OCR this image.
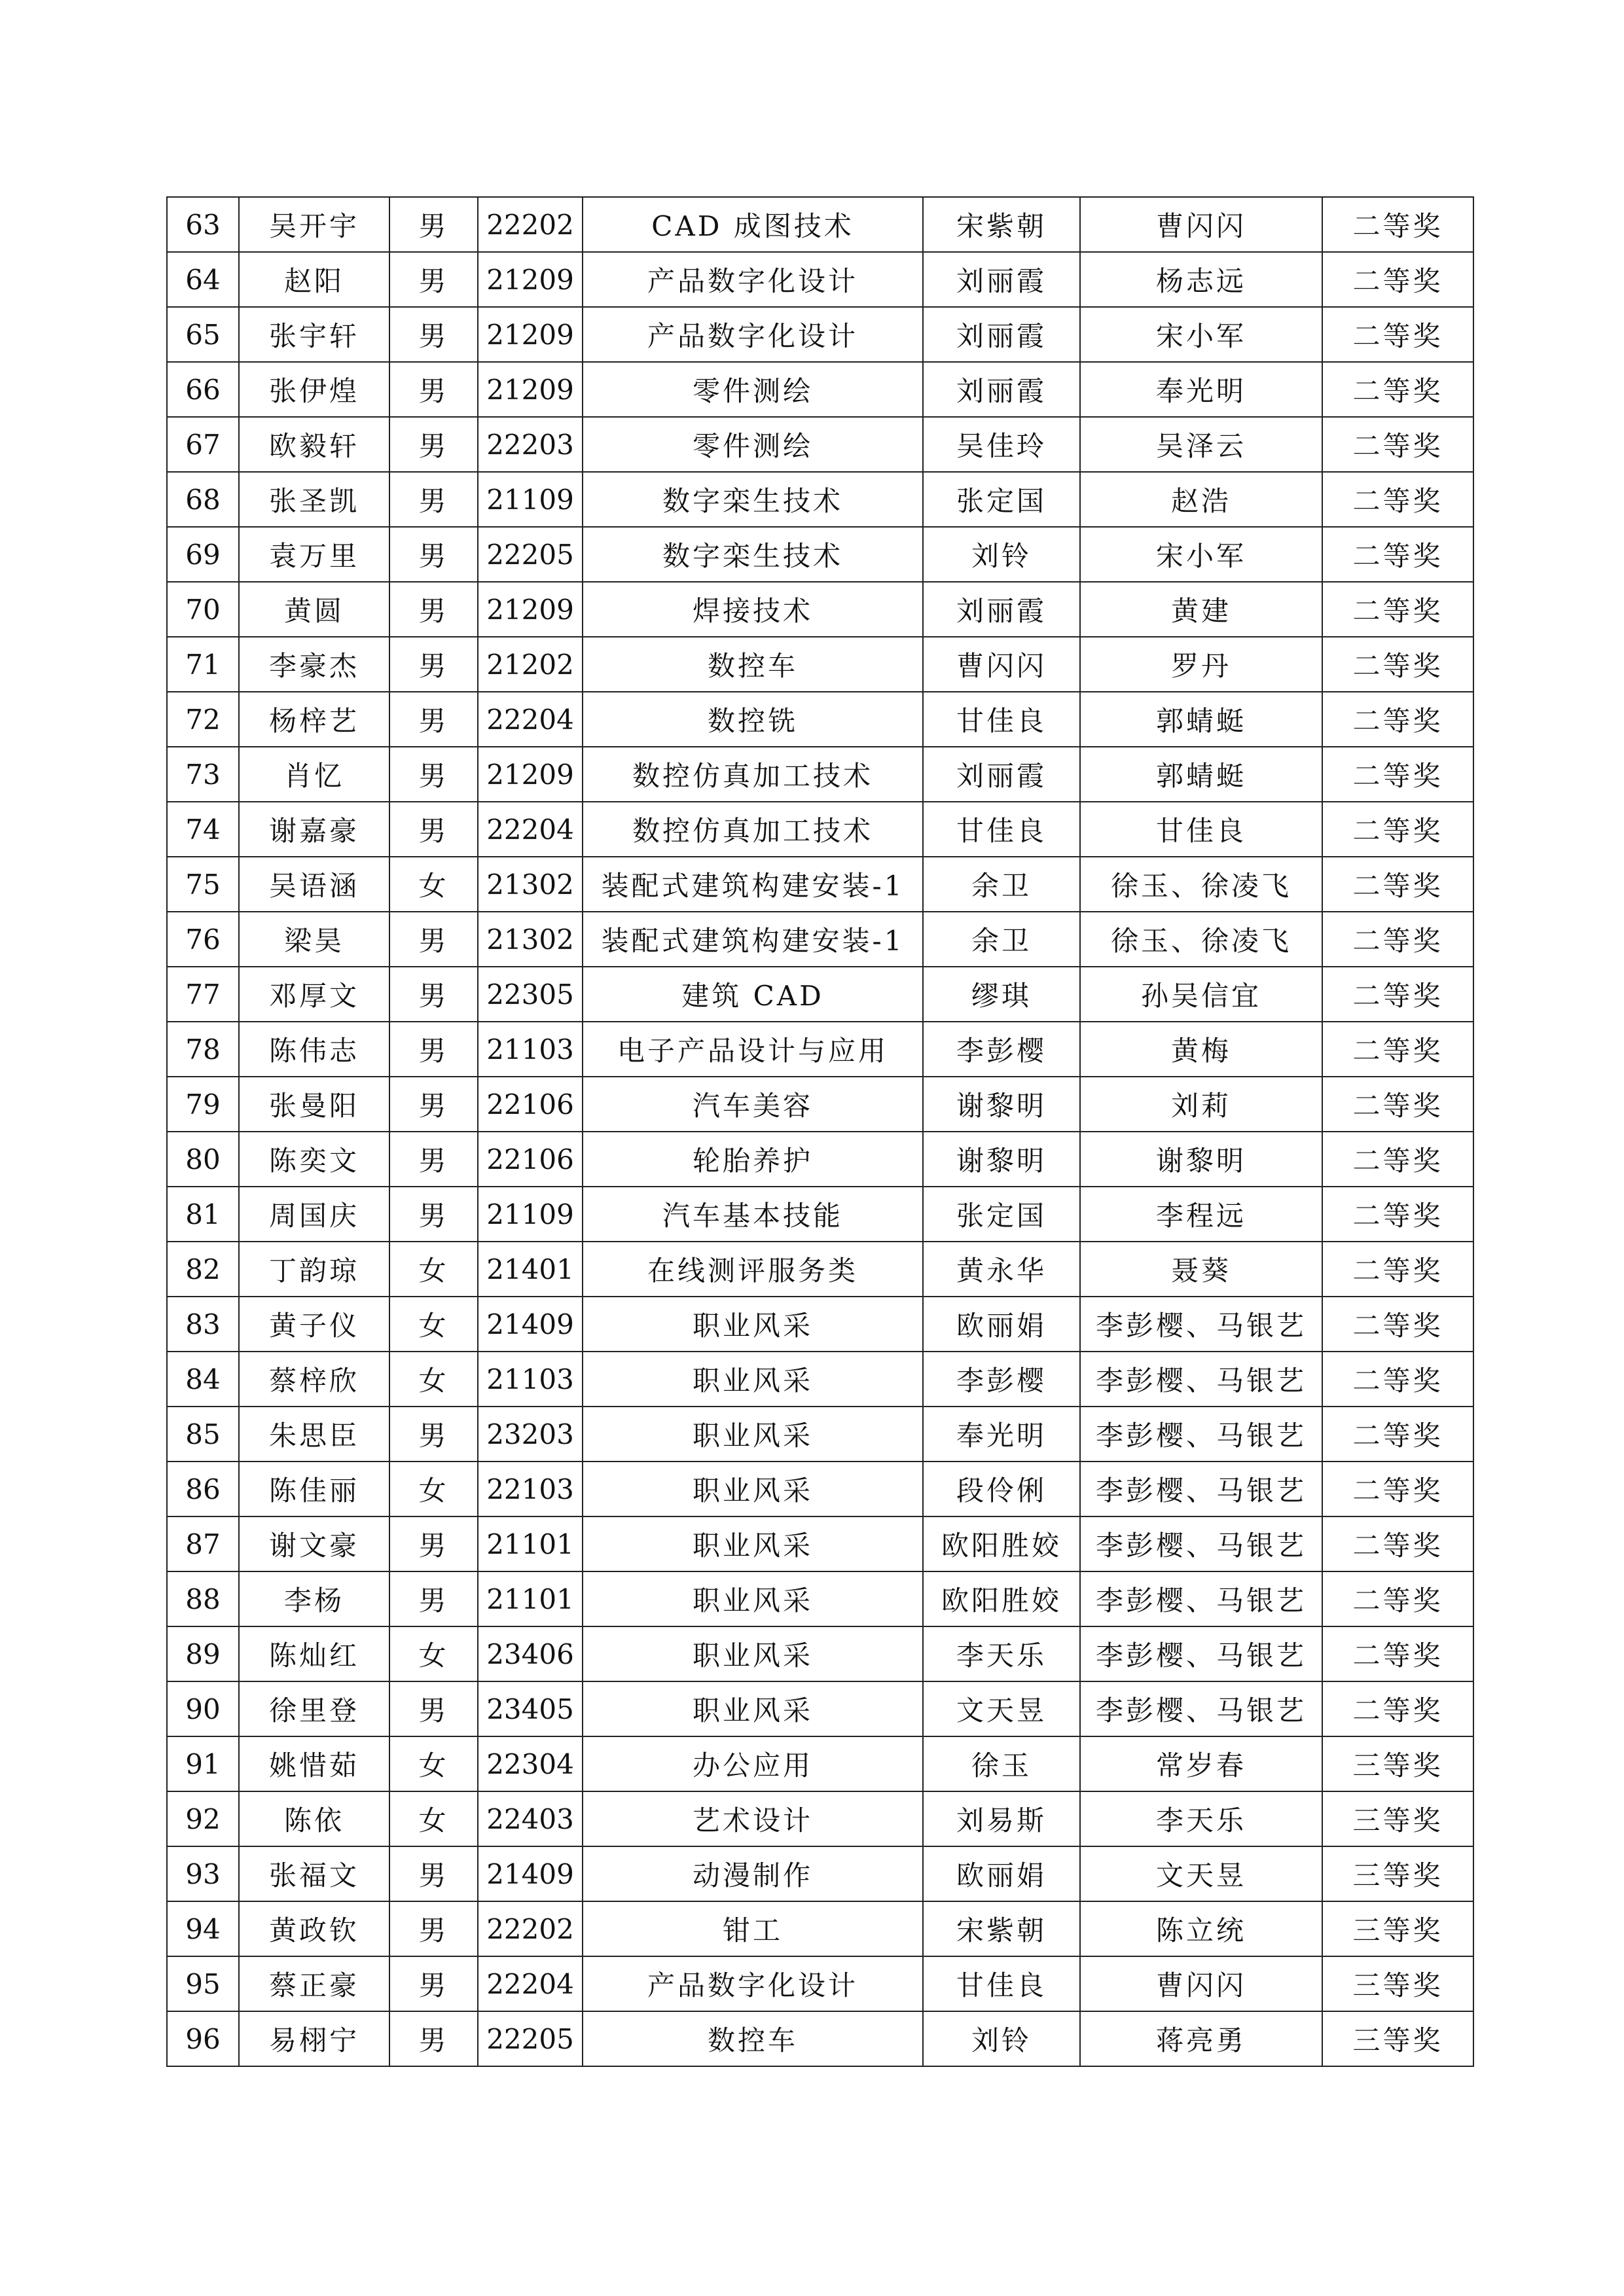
63	吴开宇	男	22202	CAD 成图技术	宋紫朝	曹闪闪	二等奖
64	赵阳	男	21209	产品数字化设计	刘丽霞	杨志远	二等奖
65	张宇轩	男	21209	产品数字化设计	刘丽霞	宋小军	二等奖
66	张伊煌	男	21209	零件测绘	刘丽霞	奉光明	二等奖
67	欧毅轩	男	22203	零件测绘	吴佳玲	吴泽云	二等奖
68	张圣凯	男	21109	数字栾生技术	张定国	赵浩	二等奖
69	袁万里	男	22205	数字栾生技术	刘铃	宋小军	二等奖
70	黄圆	男	21209	焊接技术	刘丽霞	黄建	二等奖
71	李豪杰	男	21202	数控车	曹闪闪	罗丹	二等奖
72	杨梓艺	男	22204	数控铣	甘佳良	郭蜻蜓	二等奖
73	肖忆	男	21209	数控仿真加工技术	刘丽霞	郭蜻蜓	二等奖
74	谢嘉豪	男	22204	数控仿真加工技术	甘佳良	甘佳良	二等奖
75	吴语涵	女	21302	装配式建筑构建安装-1	余卫	徐玉、徐凌飞	二等奖
76	梁昊	男	21302	装配式建筑构建安装-1	余卫	徐玉、徐凌飞	二等奖
77	邓厚文	男	22305	建筑 CAD	缪琪	孙吴信宜	二等奖
78	陈伟志	男	21103	电子产品设计与应用	李彭樱	黄梅	二等奖
79	张曼阳	男	22106	汽车美容	谢黎明	刘莉	二等奖
80	陈奕文	男	22106	轮胎养护	谢黎明	谢黎明	二等奖
81	周国庆	男	21109	汽车基本技能	张定国	李程远	二等奖
82	丁韵琼	女	21401	在线测评服务类	黄永华	聂葵	二等奖
83	黄子仪	女	21409	职业风采	欧丽娟	李彭樱、马银艺	二等奖
84	蔡梓欣	女	21103	职业风采	李彭樱	李彭樱、马银艺	二等奖
85	朱思臣	男	23203	职业风采	奉光明	李彭樱、马银艺	二等奖
86	陈佳丽	女	22103	职业风采	段伶俐	李彭樱、马银艺	二等奖
87	谢文豪	男	21101	职业风采	欧阳胜姣	李彭樱、马银艺	二等奖
88	李杨	男	21101	职业风采	欧阳胜姣	李彭樱、马银艺	二等奖
89	陈灿红	女	23406	职业风采	李天乐	李彭樱、马银艺	二等奖
90	徐里登	男	23405	职业风采	文天昱	李彭樱、马银艺	二等奖
91	姚惜茹	女	22304	办公应用	徐玉	常岁春	三等奖
92	陈依	女	22403	艺术设计	刘易斯	李天乐	三等奖
93	张福文	男	21409	动漫制作	欧丽娟	文天昱	三等奖
94	黄政钦	男	22202	钳工	宋紫朝	陈立统	三等奖
95	蔡正豪	男	22204	产品数字化设计	甘佳良	曹闪闪	三等奖
96	易栩宁	男	22205	数控车	刘铃	蒋亮勇	三等奖
